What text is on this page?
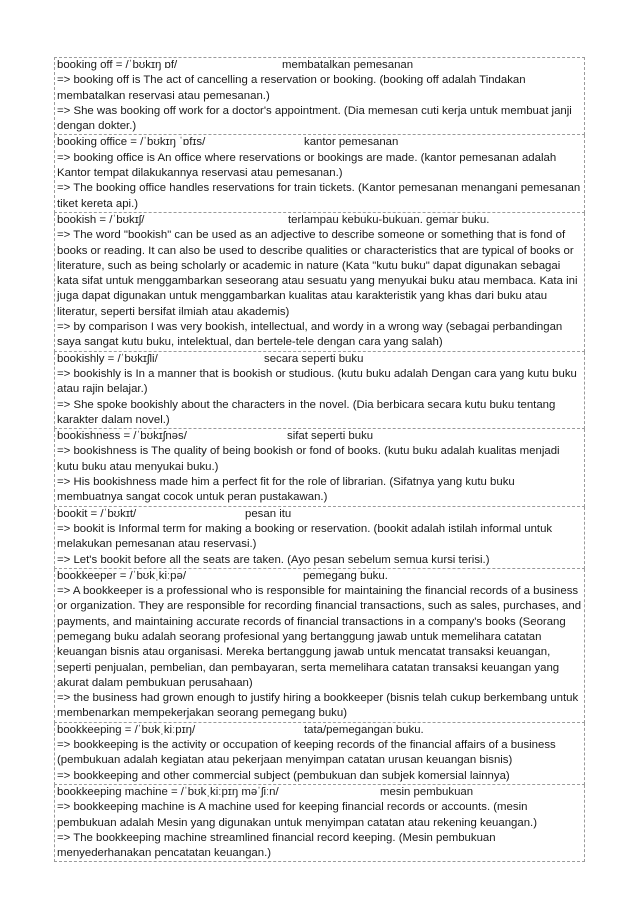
booking off = /ˈbʊkɪŋ ɒf/	membatalkan pemesanan
=> booking off is The act of cancelling a reservation or booking. (booking off adalah Tindakan membatalkan reservasi atau pemesanan.)
=> She was booking off work for a doctor's appointment. (Dia memesan cuti kerja untuk membuat janji dengan dokter.)
booking office = /ˈbʊkɪŋ ˈɒfɪs/	kantor pemesanan
=> booking office is An office where reservations or bookings are made. (kantor pemesanan adalah Kantor tempat dilakukannya reservasi atau pemesanan.)
=> The booking office handles reservations for train tickets. (Kantor pemesanan menangani pemesanan tiket kereta api.)
bookish = /ˈbʊkɪʃ/	terlampau kebuku-bukuan. gemar buku.
=> The word "bookish" can be used as an adjective to describe someone or something that is fond of books or reading. It can also be used to describe qualities or characteristics that are typical of books or literature, such as being scholarly or academic in nature (Kata "kutu buku" dapat digunakan sebagai kata sifat untuk menggambarkan seseorang atau sesuatu yang menyukai buku atau membaca. Kata ini juga dapat digunakan untuk menggambarkan kualitas atau karakteristik yang khas dari buku atau literatur, seperti bersifat ilmiah atau akademis)
=> by comparison I was very bookish, intellectual, and wordy in a wrong way (sebagai perbandingan saya sangat kutu buku, intelektual, dan bertele-tele dengan cara yang salah)
bookishly = /ˈbʊkɪʃli/	secara seperti buku
=> bookishly is In a manner that is bookish or studious. (kutu buku adalah Dengan cara yang kutu buku atau rajin belajar.)
=> She spoke bookishly about the characters in the novel. (Dia berbicara secara kutu buku tentang karakter dalam novel.)
bookishness = /ˈbʊkɪʃnəs/	sifat seperti buku
=> bookishness is The quality of being bookish or fond of books. (kutu buku adalah kualitas menjadi kutu buku atau menyukai buku.)
=> His bookishness made him a perfect fit for the role of librarian. (Sifatnya yang kutu buku membuatnya sangat cocok untuk peran pustakawan.)
bookit = /ˈbʊkɪt/	pesan itu
=> bookit is Informal term for making a booking or reservation. (bookit adalah istilah informal untuk melakukan pemesanan atau reservasi.)
=> Let's bookit before all the seats are taken. (Ayo pesan sebelum semua kursi terisi.)
bookkeeper = /ˈbʊkˌkiːpə/	pemegang buku.
=> A bookkeeper is a professional who is responsible for maintaining the financial records of a business or organization. They are responsible for recording financial transactions, such as sales, purchases, and payments, and maintaining accurate records of financial transactions in a company's books (Seorang pemegang buku adalah seorang profesional yang bertanggung jawab untuk memelihara catatan keuangan bisnis atau organisasi. Mereka bertanggung jawab untuk mencatat transaksi keuangan, seperti penjualan, pembelian, dan pembayaran, serta memelihara catatan transaksi keuangan yang akurat dalam pembukuan perusahaan)
=> the business had grown enough to justify hiring a bookkeeper (bisnis telah cukup berkembang untuk membenarkan mempekerjakan seorang pemegang buku)
bookkeeping = /ˈbʊkˌkiːpɪŋ/	tata/pemegangan buku.
=> bookkeeping is the activity or occupation of keeping records of the financial affairs of a business (pembukuan adalah kegiatan atau pekerjaan menyimpan catatan urusan keuangan bisnis)
=> bookkeeping and other commercial subject (pembukuan dan subjek komersial lainnya)
bookkeeping machine = /ˈbʊkˌkiːpɪŋ məˈʃiːn/	mesin pembukuan
=> bookkeeping machine is A machine used for keeping financial records or accounts. (mesin pembukuan adalah Mesin yang digunakan untuk menyimpan catatan atau rekening keuangan.)
=> The bookkeeping machine streamlined financial record keeping. (Mesin pembukuan menyederhanakan pencatatan keuangan.)
